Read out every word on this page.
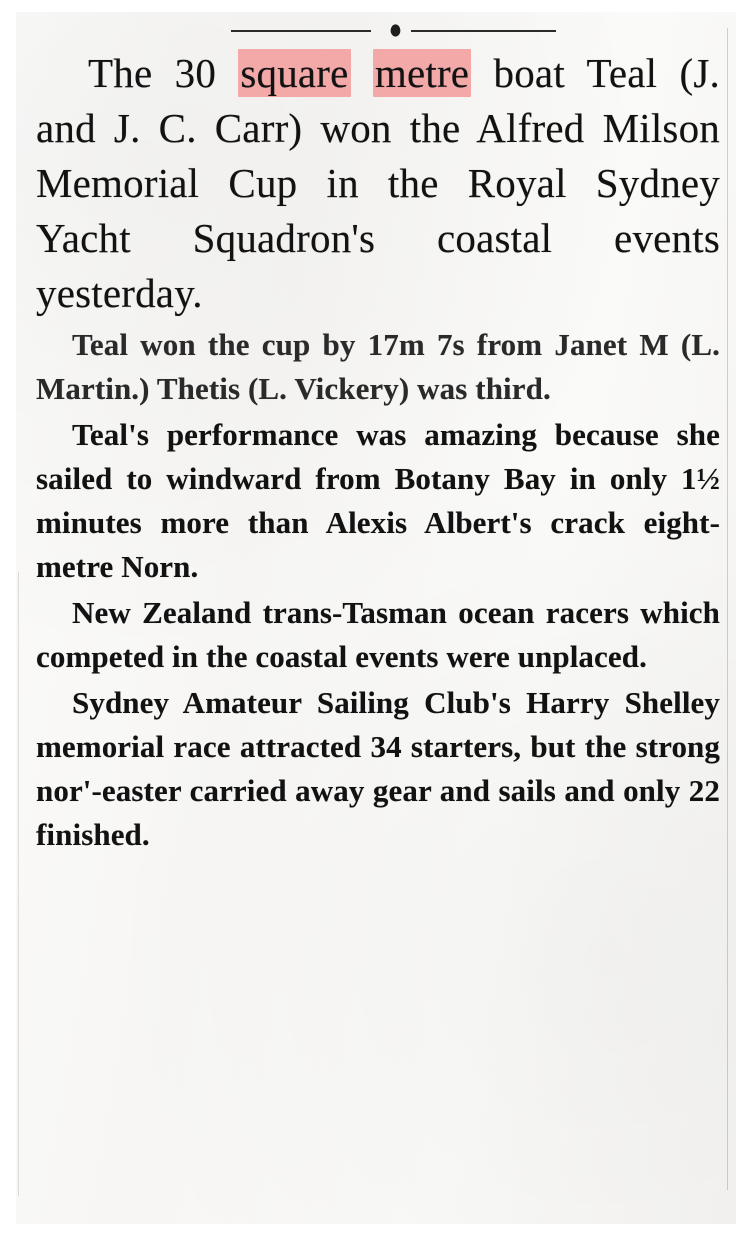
The 30 square metre boat Teal (J. and J. C. Carr) won the Alfred Milson Memorial Cup in the Royal Sydney Yacht Squadron's coastal events yesterday.

Teal won the cup by 17m 7s from Janet M (L. Martin.) Thetis (L. Vickery) was third.

Teal's performance was amazing because she sailed to windward from Botany Bay in only 1½ minutes more than Alexis Albert's crack eight-metre Norn.

New Zealand trans-Tasman ocean racers which competed in the coastal events were unplaced.

Sydney Amateur Sailing Club's Harry Shelley memorial race attracted 34 starters, but the strong nor'-easter carried away gear and sails and only 22 finished.
